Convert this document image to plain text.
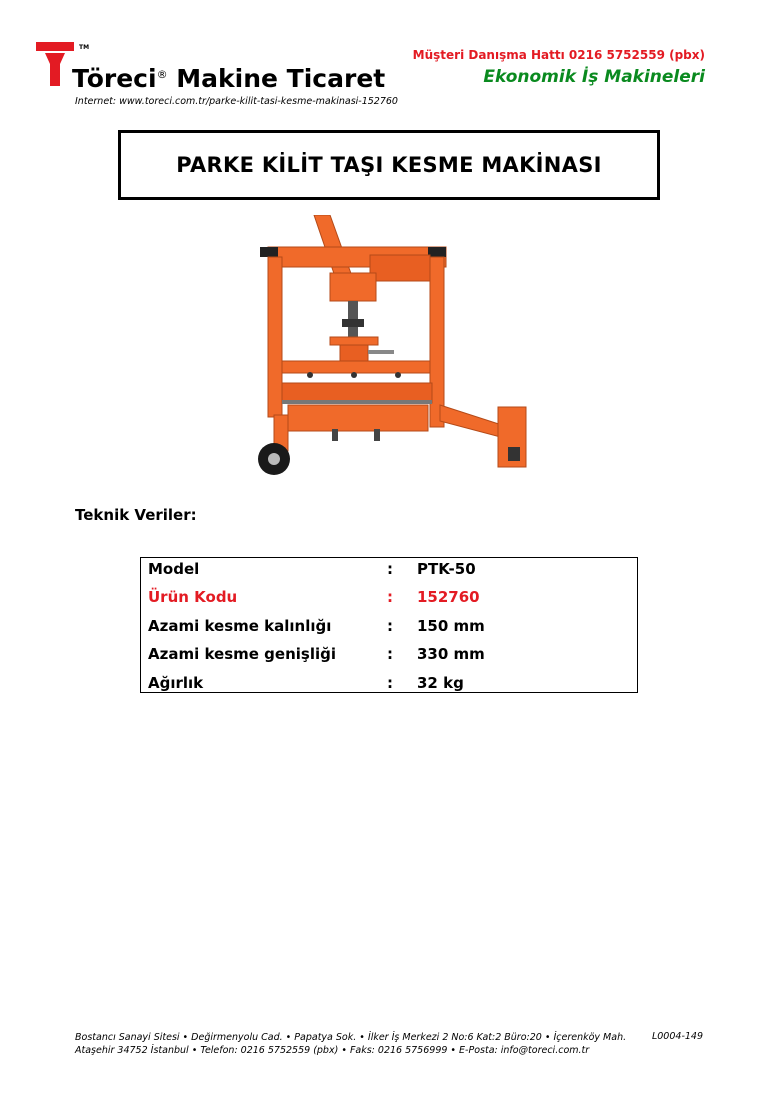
TM
Töreci® Makine Ticaret
Internet: www.toreci.com.tr/parke-kilit-tasi-kesme-makinasi-152760
Müşteri Danışma Hattı 0216 5752559 (pbx)
Ekonomik İş Makineleri
PARKE KİLİT TAŞI KESME MAKİNASI
Teknik Veriler:
Model	: PTK-50
Ürün Kodu	: 152760
Azami kesme kalınlığı	: 150 mm
Azami kesme genişliği	: 330 mm
Ağırlık	: 32 kg
Bostancı Sanayi Sitesi • Değirmenyolu Cad. • Papatya Sok. • İlker İş Merkezi 2 No:6 Kat:2 Büro:20 • İçerenköy Mah.
Ataşehir 34752 İstanbul • Telefon: 0216 5752559 (pbx) • Faks: 0216 5756999 • E-Posta: info@toreci.com.tr
L0004-149
